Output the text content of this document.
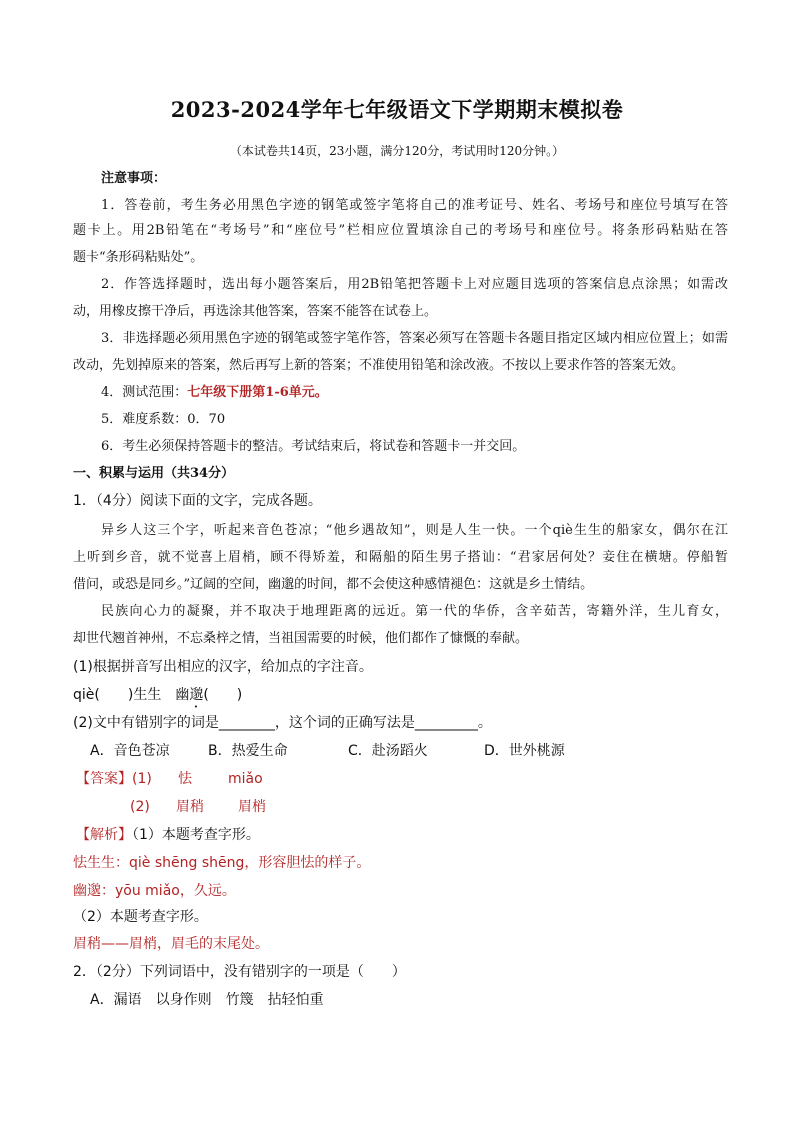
2023-2024学年七年级语文下学期期末模拟卷
（本试卷共14页，23小题，满分120分，考试用时120分钟。）
注意事项：
1．答卷前，考生务必用黑色字迹的钢笔或签字笔将自己的准考证号、姓名、考场号和座位号填写在答
题卡上。用2B铅笔在“考场号”和“座位号”栏相应位置填涂自己的考场号和座位号。将条形码粘贴在答
题卡“条形码粘贴处”。
2．作答选择题时，选出每小题答案后，用2B铅笔把答题卡上对应题目选项的答案信息点涂黑；如需改
动，用橡皮擦干净后，再选涂其他答案，答案不能答在试卷上。
3．非选择题必须用黑色字迹的钢笔或签字笔作答，答案必须写在答题卡各题目指定区域内相应位置上；如需
改动，先划掉原来的答案，然后再写上新的答案；不准使用铅笔和涂改液。不按以上要求作答的答案无效。
4．测试范围：七年级下册第1-6单元。
5．难度系数：0．70
6．考生必须保持答题卡的整洁。考试结束后，将试卷和答题卡一并交回。
一、积累与运用（共34分）
1．（4分）阅读下面的文字，完成各题。
异乡人这三个字，听起来音色苍凉；“他乡遇故知”，则是人生一快。一个qiè生生的船家女，偶尔在江
上听到乡音，就不觉喜上眉梢，顾不得矫羞，和隔船的陌生男子搭讪：“君家居何处？妾住在横塘。停船暂
借问，或恐是同乡。”辽阔的空间，幽邈的时间，都不会使这种感情褪色：这就是乡土情结。
民族向心力的凝聚，并不取决于地理距离的远近。第一代的华侨，含辛茹苦，寄籍外洋，生儿育女，
却世代翘首神州，不忘桑梓之情，当祖国需要的时候，他们都作了慷慨的奉献。
(1)根据拼音写出相应的汉字，给加点的字注音。
qiè(　　)生生　 幽邈(　　)
(2)文中有错别字的词是________，这个词的正确写法是_________。
A．音色苍凉	B．热爱生命	C．赴汤蹈火	D．世外桃源
【答案】(1) 怯	miǎo
(2) 眉稍 眉梢
【解析】（1）本题考查字形。
怯生生：qiè shēng shēng，形容胆怯的样子。
幽邈：yōu miǎo，久远。
（2）本题考查字形。
眉稍——眉梢，眉毛的末尾处。
2．（2分）下列词语中，没有错别字的一项是（　　）
A．漏语　以身作则　竹篾　拈轻怕重
